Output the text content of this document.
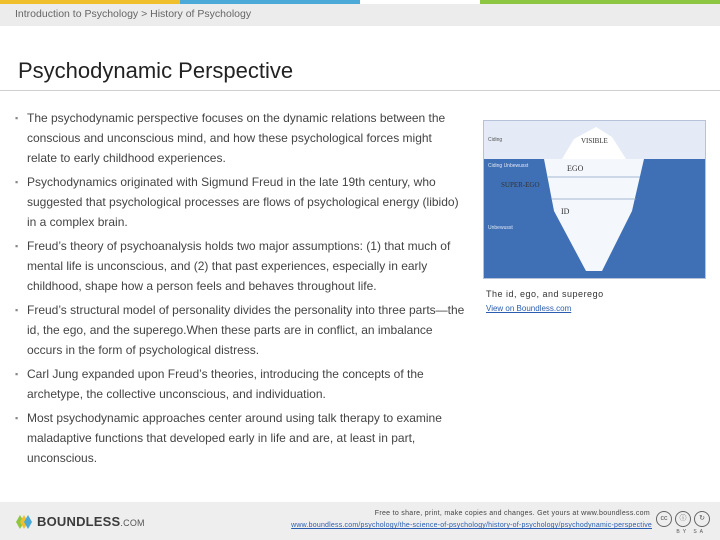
Introduction to Psychology > History of Psychology
Psychodynamic Perspective
▪ The psychodynamic perspective focuses on the dynamic relations between the conscious and unconscious mind, and how these psychological forces might relate to early childhood experiences.
▪ Psychodynamics originated with Sigmund Freud in the late 19th century, who suggested that psychological processes are flows of psychological energy (libido) in a complex brain.
▪ Freud’s theory of psychoanalysis holds two major assumptions: (1) that much of mental life is unconscious, and (2) that past experiences, especially in early childhood, shape how a person feels and behaves throughout life.
▪ Freud’s structural model of personality divides the personality into three parts—the id, the ego, and the superego.When these parts are in conflict, an imbalance occurs in the form of psychological distress.
▪ Carl Jung expanded upon Freud’s theories, introducing the concepts of the archetype, the collective unconscious, and individuation.
▪ Most psychodynamic approaches center around using talk therapy to examine maladaptive functions that developed early in life and are, at least in part, unconscious.
VISIBLE
EGO
SUPER-EGO
ID
Ciding
Ciding Unbewusst
Unbewusst
The id, ego, and superego
View on Boundless.com
BOUNDLESS.COM
Free to share, print, make copies and changes. Get yours at www.boundless.com
www.boundless.com/psychology/the-science-of-psychology/history-of-psychology/psychodynamic-perspective
cc	ⓘ	↻
BY SA
